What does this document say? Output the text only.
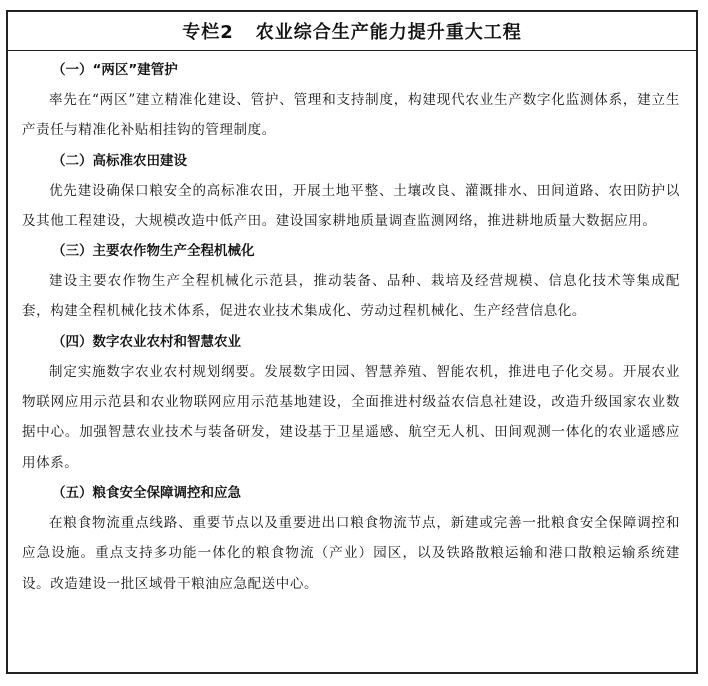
专栏2 农业综合生产能力提升重大工程
（一）“两区”建管护

率先在“两区”建立精准化建设、管护、管理和支持制度，构建现代农业生产数字化监测体系，建立生产责任与精准化补贴相挂钩的管理制度。

（二）高标准农田建设

优先建设确保口粮安全的高标准农田，开展土地平整、土壤改良、灌溉排水、田间道路、农田防护以及其他工程建设，大规模改造中低产田。建设国家耕地质量调查监测网络，推进耕地质量大数据应用。

（三）主要农作物生产全程机械化

建设主要农作物生产全程机械化示范县，推动装备、品种、栽培及经营规模、信息化技术等集成配套，构建全程机械化技术体系，促进农业技术集成化、劳动过程机械化、生产经营信息化。

（四）数字农业农村和智慧农业

制定实施数字农业农村规划纲要。发展数字田园、智慧养殖、智能农机，推进电子化交易。开展农业物联网应用示范县和农业物联网应用示范基地建设，全面推进村级益农信息社建设，改造升级国家农业数据中心。加强智慧农业技术与装备研发，建设基于卫星遥感、航空无人机、田间观测一体化的农业遥感应用体系。

（五）粮食安全保障调控和应急

在粮食物流重点线路、重要节点以及重要进出口粮食物流节点，新建或完善一批粮食安全保障调控和应急设施。重点支持多功能一体化的粮食物流（产业）园区，以及铁路散粮运输和港口散粮运输系统建设。改造建设一批区域骨干粮油应急配送中心。
